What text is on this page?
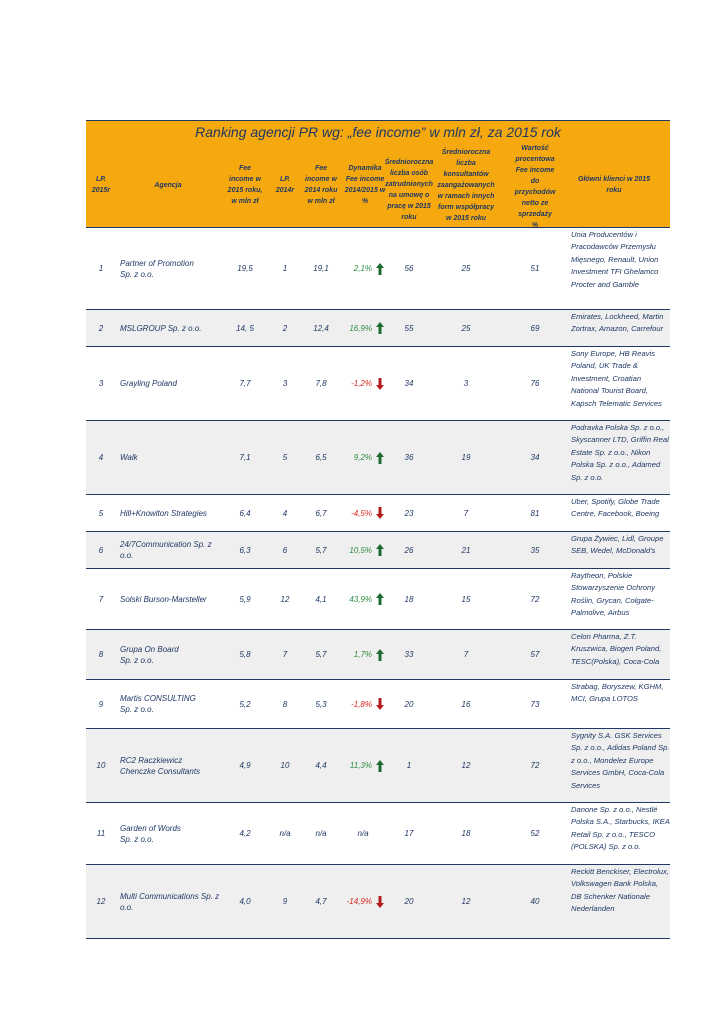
Ranking agencji PR wg: „fee income” w mln zł, za 2015 rok
LP.
2015r
Agencja
Fee income w 2015 roku, w mln zł
LP.
2014r
Fee income w 2014 roku w mln zł
Dynamika Fee income 2014/2015 w %
Średnioroczna liczba osób zatrudnionych na umowę o pracę w 2015 roku
Średnioroczna liczba konsultantów zaangażowanych w ramach innych form współpracy w 2015 roku
Wartość procentowa Fee income do przychodów netto ze sprzedaży %
Główni klienci w 2015 roku
1
Partner of Promotion
Sp. z o.o.
19,5	1	19,1	2,1%	56	25	51
Unia Producentów i Pracodawców Przemysłu Mięsnego, Renault, Union Investment TFI Ghelamco Procter and Gamble
2 MSLGROUP Sp. z o.o.	14, 5	2	12,4	16,9%	55	25	69
Emirates, Lockheed, Martin Zortrax, Amazon, Carrefour
3 Grayling Poland	7,7	3	7,8	-1,2%	34	3	76
Sony Europe, HB Reavis Poland, UK Trade & Investment, Croatian National Tourist Board, Kapsch Telematic Services
4 Walk	7,1	5	6,5	9,2%	36	19	34
Podravka Polska Sp. z o.o., Skyscanner LTD, Griffin Real Estate Sp. z o.o., Nikon Polska Sp. z o.o., Adamed Sp. z o.o.
5 Hill+Knowlton Strategies	6,4	4	6,7	-4,5%	23	7	81
Uber, Spotify, Globe Trade Centre, Facebook, Boeing
6
24/7Communication Sp. z o.o.
6,3	6	5,7	10,5%	26	21	35
Grupa Żywiec, Lidl, Groupe SEB, Wedel, McDonald's
7 Solski Burson-Marsteller	5,9	12	4,1	43,9%	18	15	72
Raytheon, Polskie Stowarzyszenie Ochrony Roślin, Grycan, Colgate-Palmolive, Airbus
8
Grupa On Board
Sp. z o.o.
5,8	7	5,7	1,7%	33	7	57
Celon Pharma, Z.T. Kruszwica, Biogen Poland, TESC(Polska), Coca-Cola
9
Martis CONSULTING
Sp. z o.o.
5,2	8	5,3	-1,8%	20	16	73
Strabag, Boryszew, KGHM, MCI, Grupa LOTOS
10
RC2 Raczkiewicz Chenczke Consultants
4,9	10	4,4	11,3%	1	12	72
Sygnity S.A. GSK Services Sp. z o.o., Adidas Poland Sp. z o.o., Mondelez Europe Services GmbH, Coca-Cola Services
11
Garden of Words
Sp. z o.o.
4,2	n/a	n/a	n/a	17	18	52
Danone Sp. z o.o., Nestlé Polska S.A., Starbucks, IKEA Retail Sp. z o.o., TESCO (POLSKA) Sp. z o.o.
12
Multi Communications Sp. z o.o.
4,0	9	4,7	-14,9%	20	12	40
Reckitt Benckiser, Electrolux, Volkswagen Bank Polska, DB Schenker Nationale Nederlanden
